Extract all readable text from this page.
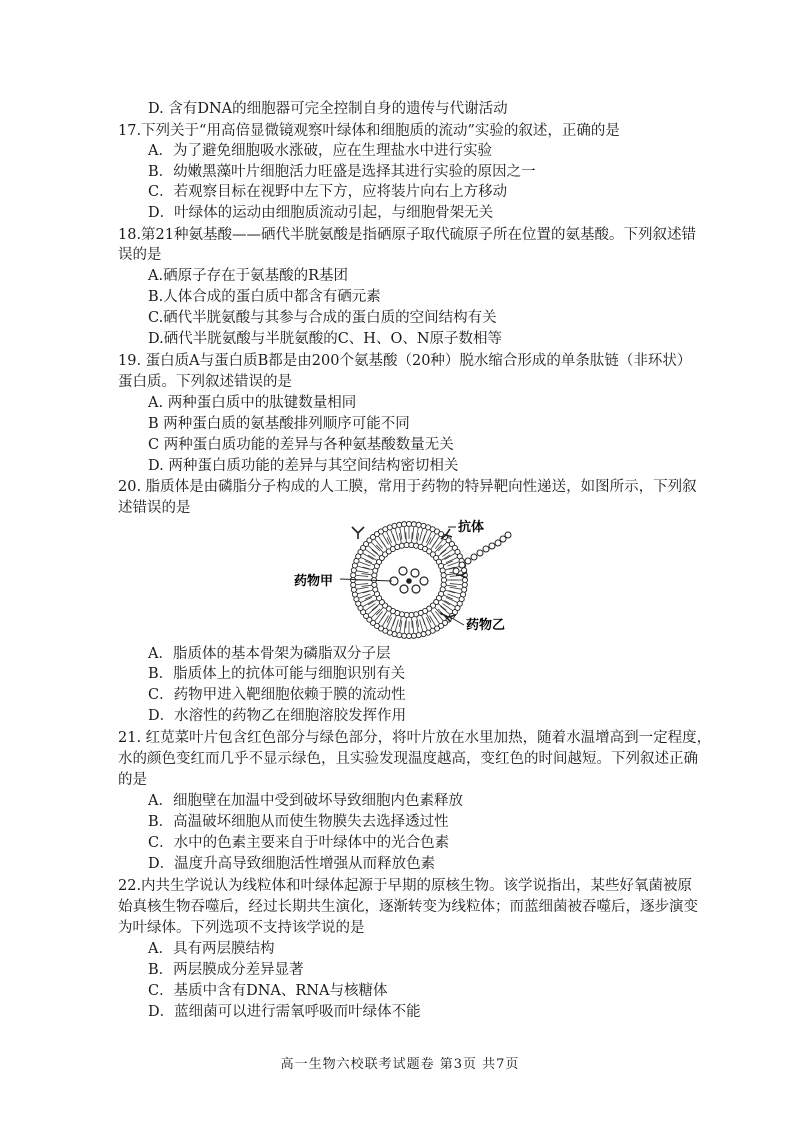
D. 含有DNA的细胞器可完全控制自身的遗传与代谢活动
17.下列关于“用高倍显微镜观察叶绿体和细胞质的流动”实验的叙述，正确的是
A．为了避免细胞吸水涨破，应在生理盐水中进行实验
B．幼嫩黑藻叶片细胞活力旺盛是选择其进行实验的原因之一
C．若观察目标在视野中左下方，应将装片向右上方移动
D．叶绿体的运动由细胞质流动引起，与细胞骨架无关
18.第21种氨基酸——硒代半胱氨酸是指硒原子取代硫原子所在位置的氨基酸。下列叙述错
误的是
A.硒原子存在于氨基酸的R基团
B.人体合成的蛋白质中都含有硒元素
C.硒代半胱氨酸与其参与合成的蛋白质的空间结构有关
D.硒代半胱氨酸与半胱氨酸的C、H、O、N原子数相等
19. 蛋白质A与蛋白质B都是由200个氨基酸（20种）脱水缩合形成的单条肽链（非环状）
蛋白质。下列叙述错误的是
A. 两种蛋白质中的肽键数量相同
B 两种蛋白质的氨基酸排列顺序可能不同
C 两种蛋白质功能的差异与各种氨基酸数量无关
D. 两种蛋白质功能的差异与其空间结构密切相关
20. 脂质体是由磷脂分子构成的人工膜，常用于药物的特异靶向性递送，如图所示，下列叙
述错误的是
抗体
药物甲
药物乙
A．脂质体的基本骨架为磷脂双分子层
B．脂质体上的抗体可能与细胞识别有关
C．药物甲进入靶细胞依赖于膜的流动性
D．水溶性的药物乙在细胞溶胶发挥作用
21. 红苋菜叶片包含红色部分与绿色部分，将叶片放在水里加热，随着水温增高到一定程度，
水的颜色变红而几乎不显示绿色，且实验发现温度越高，变红色的时间越短。下列叙述正确
的是
A．细胞壁在加温中受到破坏导致细胞内色素释放
B．高温破坏细胞从而使生物膜失去选择透过性
C．水中的色素主要来自于叶绿体中的光合色素
D．温度升高导致细胞活性增强从而释放色素
22.内共生学说认为线粒体和叶绿体起源于早期的原核生物。该学说指出，某些好氧菌被原
始真核生物吞噬后，经过长期共生演化，逐渐转变为线粒体；而蓝细菌被吞噬后，逐步演变
为叶绿体。下列选项不支持该学说的是
A．具有两层膜结构
B．两层膜成分差异显著
C．基质中含有DNA、RNA与核糖体
D．蓝细菌可以进行需氧呼吸而叶绿体不能
高一生物六校联考试题卷 第3页 共7页
